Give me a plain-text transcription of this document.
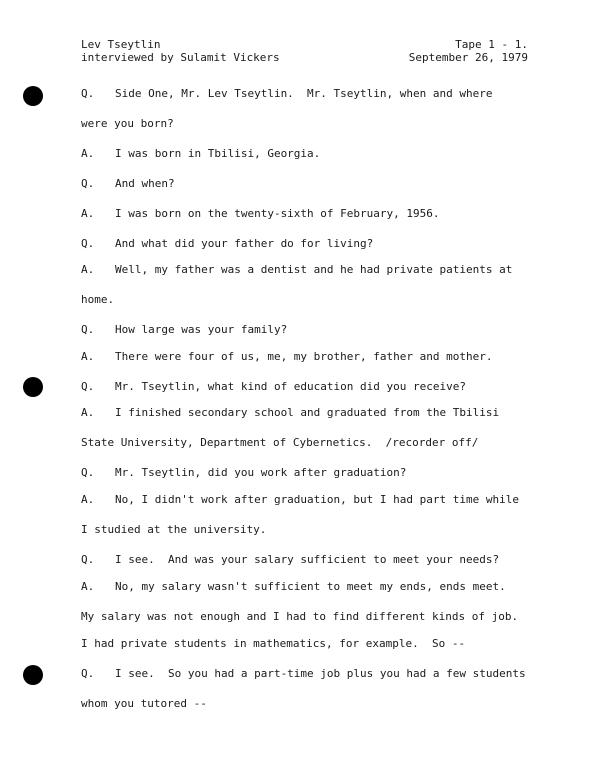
Lev Tseytlin	Tape 1 - 1.
interviewed by Sulamit Vickers	September 26, 1979
Q. Side One, Mr. Lev Tseytlin.  Mr. Tseytlin, when and where
were you born?
A. I was born in Tbilisi, Georgia.
Q. And when?
A. I was born on the twenty-sixth of February, 1956.
Q. And what did your father do for living?
A. Well, my father was a dentist and he had private patients at
home.
Q. How large was your family?
A. There were four of us, me, my brother, father and mother.
Q. Mr. Tseytlin, what kind of education did you receive?
A. I finished secondary school and graduated from the Tbilisi
State University, Department of Cybernetics.  /recorder off/
Q. Mr. Tseytlin, did you work after graduation?
A. No, I didn't work after graduation, but I had part time while
I studied at the university.
Q. I see.  And was your salary sufficient to meet your needs?
A. No, my salary wasn't sufficient to meet my ends, ends meet.
My salary was not enough and I had to find different kinds of job.
I had private students in mathematics, for example.  So --
Q. I see.  So you had a part-time job plus you had a few students
whom you tutored --
